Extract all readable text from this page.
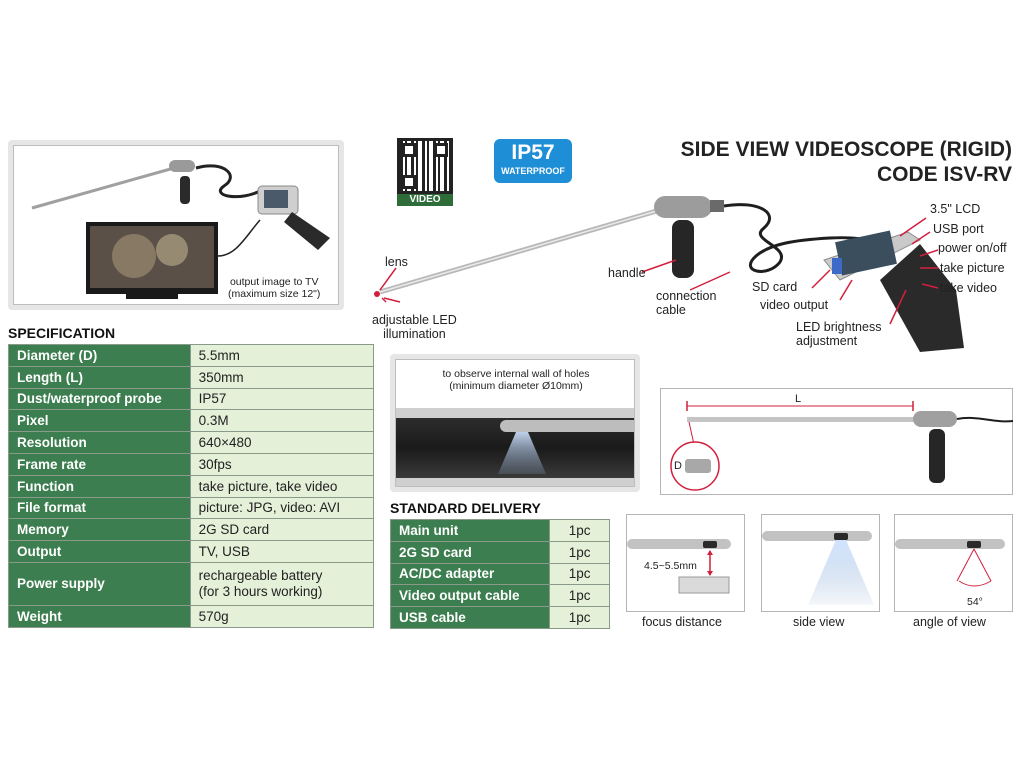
VIDEO
IP57
WATERPROOF
SIDE VIEW VIDEOSCOPE (RIGID)
CODE ISV-RV
output image to TV
(maximum size 12")
lens
adjustable LED
illumination
handle
connection
cable
SD card
video output
3.5" LCD
USB port
power on/off
take picture
take video
LED brightness
adjustment
SPECIFICATION
Diameter (D)	5.5mm
Length (L)	350mm
Dust/waterproof probe	IP57
Pixel	0.3M
Resolution	640×480
Frame rate	30fps
Function	take picture, take video
File format	picture: JPG, video: AVI
Memory	2G SD card
Output	TV, USB
Power supply	rechargeable battery
(for 3 hours working)

Weight	570g
to observe internal wall of holes
(minimum diameter Ø10mm)
L
D
STANDARD DELIVERY
Main unit	1pc
2G SD card	1pc
AC/DC adapter	1pc
Video output cable	1pc
USB cable	1pc
4.5~5.5mm
focus distance	side view
54°
angle of view
